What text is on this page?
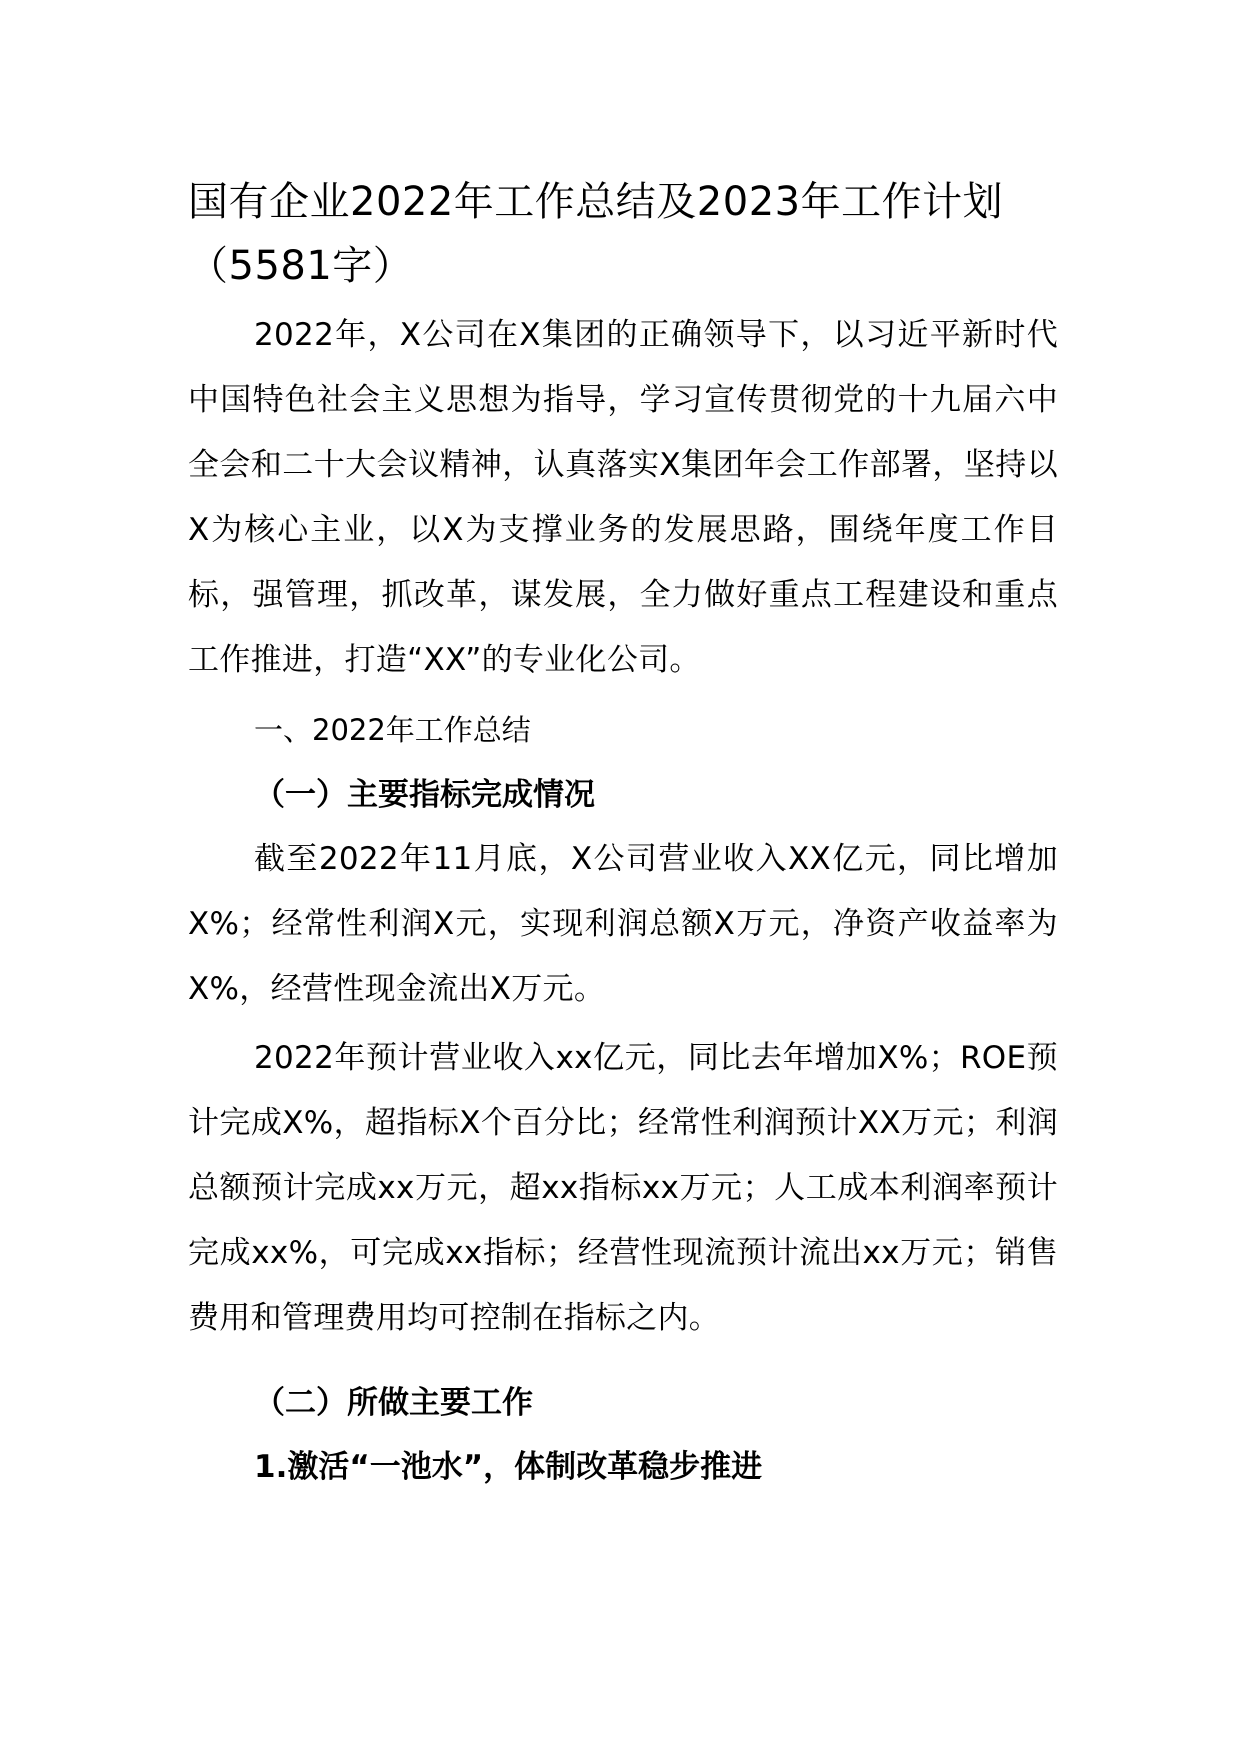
国有企业2022年工作总结及2023年工作计划（5581字）

2022年，X公司在X集团的正确领导下，以习近平新时代中国特色社会主义思想为指导，学习宣传贯彻党的十九届六中全会和二十大会议精神，认真落实X集团年会工作部署，坚持以X为核心主业，以X为支撑业务的发展思路，围绕年度工作目标，强管理，抓改革，谋发展，全力做好重点工程建设和重点工作推进，打造“XX”的专业化公司。

一、2022年工作总结
（一）主要指标完成情况

截至2022年11月底，X公司营业收入XX亿元，同比增加X%；经常性利润X元，实现利润总额X万元，净资产收益率为X%，经营性现金流出X万元。

2022年预计营业收入xx亿元，同比去年增加X%；ROE预计完成X%，超指标X个百分比；经常性利润预计XX万元；利润总额预计完成xx万元，超xx指标xx万元；人工成本利润率预计完成xx%，可完成xx指标；经营性现流预计流出xx万元；销售费用和管理费用均可控制在指标之内。

（二）所做主要工作
1.激活“一池水”，体制改革稳步推进
